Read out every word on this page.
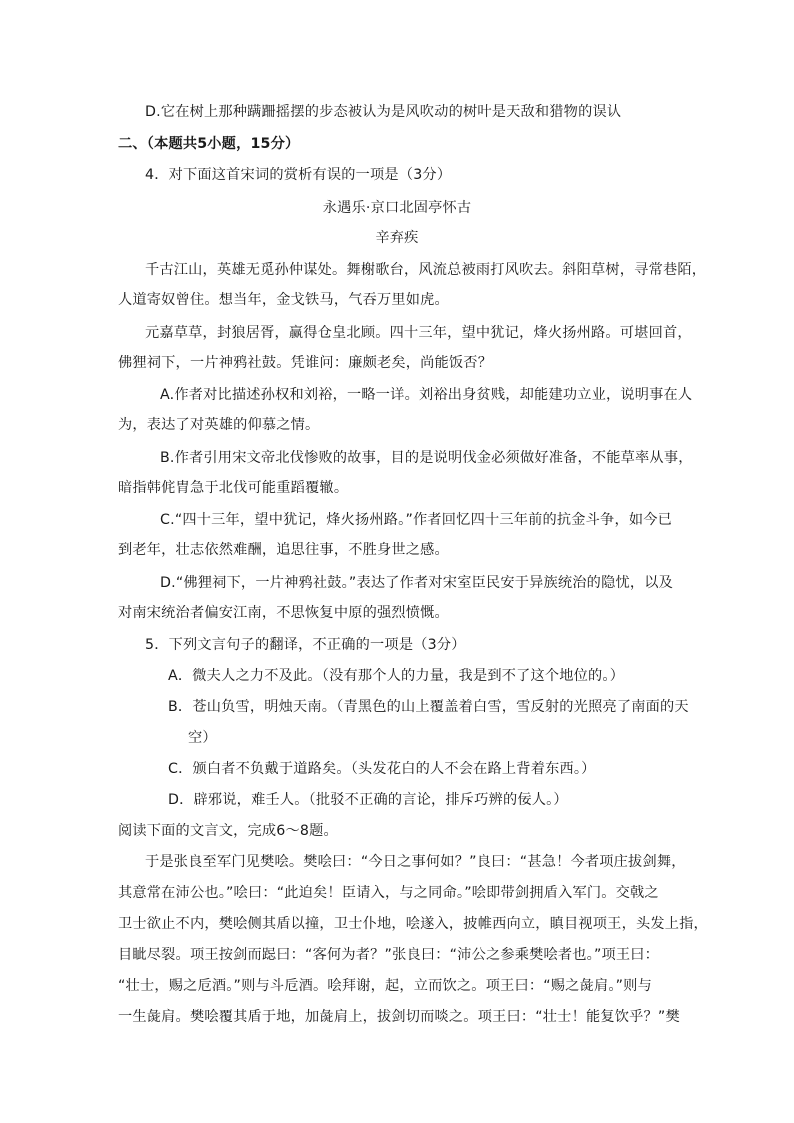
D.它在树上那种蹒跚摇摆的步态被认为是风吹动的树叶是天敌和猎物的误认
二、（本题共5小题，15分）
4．对下面这首宋词的赏析有误的一项是（3分）
永遇乐·京口北固亭怀古
辛弃疾
千古江山，英雄无觅孙仲谋处。舞榭歌台，风流总被雨打风吹去。斜阳草树，寻常巷陌，
人道寄奴曾住。想当年，金戈铁马，气吞万里如虎。
元嘉草草，封狼居胥，赢得仓皇北顾。四十三年，望中犹记，烽火扬州路。可堪回首，
佛狸祠下，一片神鸦社鼓。凭谁问：廉颇老矣，尚能饭否？
A.作者对比描述孙权和刘裕，一略一详。刘裕出身贫贱，却能建功立业，说明事在人
为，表达了对英雄的仰慕之情。
B.作者引用宋文帝北伐惨败的故事，目的是说明伐金必须做好准备，不能草率从事，
暗指韩侂胄急于北伐可能重蹈覆辙。
C.“四十三年，望中犹记，烽火扬州路。”作者回忆四十三年前的抗金斗争，如今已
到老年，壮志依然难酬，追思往事，不胜身世之感。
D.“佛狸祠下，一片神鸦社鼓。”表达了作者对宋室臣民安于异族统治的隐忧，以及
对南宋统治者偏安江南，不思恢复中原的强烈愤慨。
5．下列文言句子的翻译，不正确的一项是（3分）
A．微夫人之力不及此。（没有那个人的力量，我是到不了这个地位的。）
B．苍山负雪，明烛天南。（青黑色的山上覆盖着白雪，雪反射的光照亮了南面的天
空）
C．颁白者不负戴于道路矣。（头发花白的人不会在路上背着东西。）
D．辟邪说，难壬人。（批驳不正确的言论，排斥巧辨的佞人。）
阅读下面的文言文，完成6～8题。
于是张良至军门见樊哙。樊哙曰：“今日之事何如？”良曰：“甚急！今者项庄拔剑舞，
其意常在沛公也。”哙曰：“此迫矣！臣请入，与之同命。”哙即带剑拥盾入军门。交戟之
卫士欲止不内，樊哙侧其盾以撞，卫士仆地，哙遂入，披帷西向立，瞋目视项王，头发上指，
目眦尽裂。项王按剑而跽曰：“客何为者？”张良曰：“沛公之参乘樊哙者也。”项王曰：
“壮士，赐之卮酒。”则与斗卮酒。哙拜谢，起，立而饮之。项王曰：“赐之彘肩。”则与
一生彘肩。樊哙覆其盾于地，加彘肩上，拔剑切而啖之。项王曰：“壮士！能复饮乎？”樊
